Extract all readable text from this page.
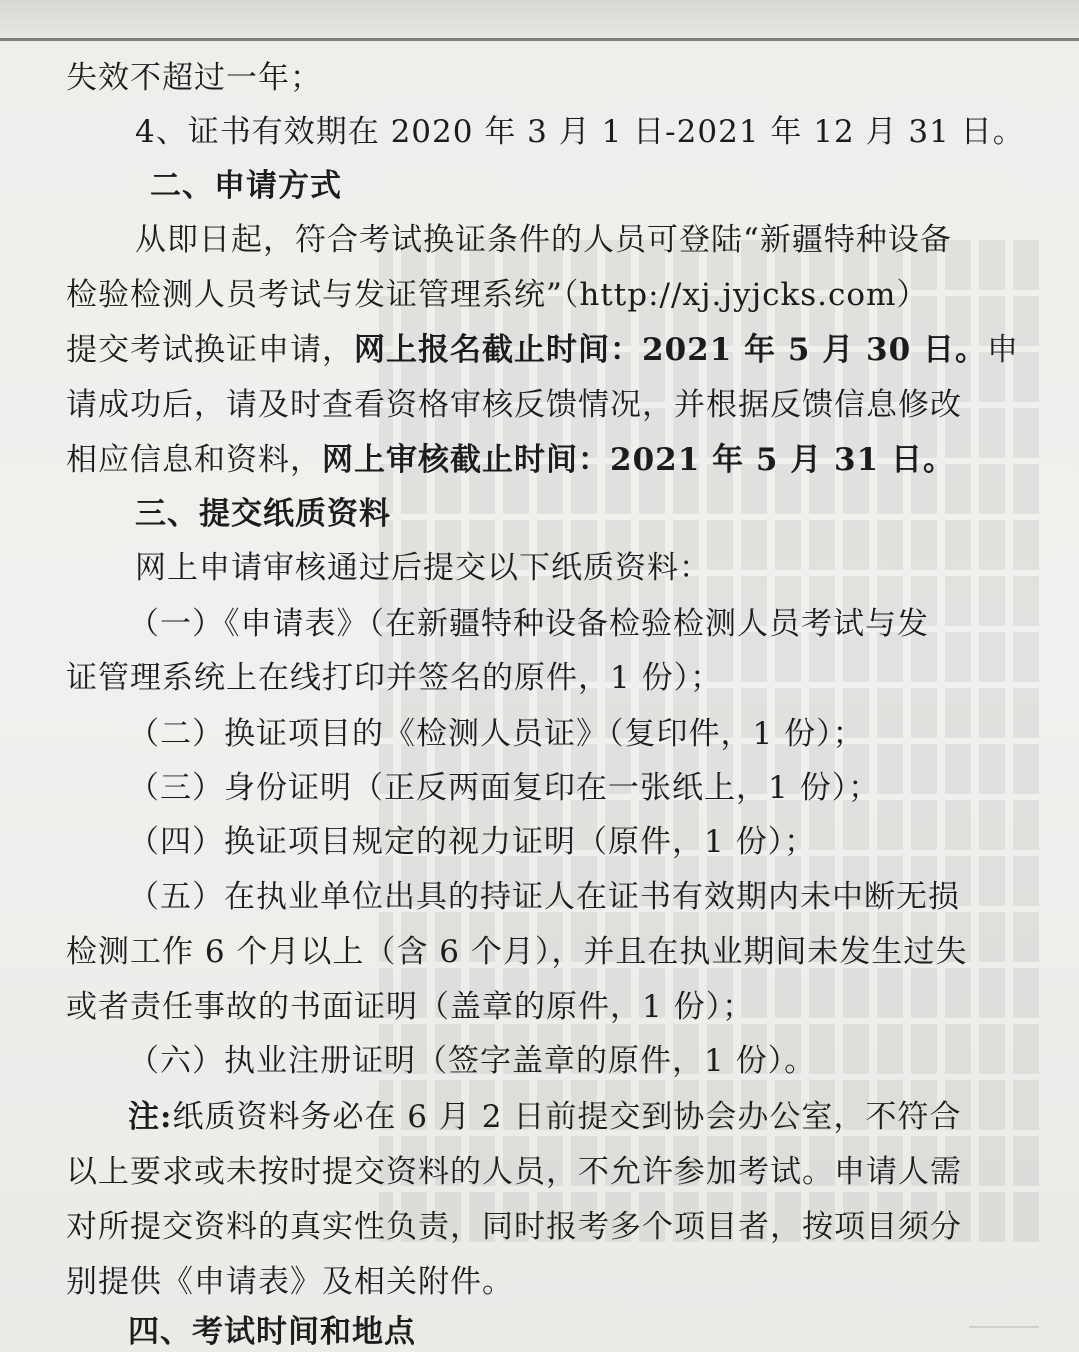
失效不超过一年；
4、证书有效期在 2020 年 3 月 1 日-2021 年 12 月 31 日。
二、申请方式
从即日起，符合考试换证条件的人员可登陆“新疆特种设备
检验检测人员考试与发证管理系统”（http://xj.jyjcks.com）
提交考试换证申请，网上报名截止时间：2021 年 5 月 30 日。申
请成功后，请及时查看资格审核反馈情况，并根据反馈信息修改
相应信息和资料，网上审核截止时间：2021 年 5 月 31 日。
三、提交纸质资料
网上申请审核通过后提交以下纸质资料：
（一）《申请表》（在新疆特种设备检验检测人员考试与发
证管理系统上在线打印并签名的原件，1 份）；
（二）换证项目的《检测人员证》（复印件，1 份）；
（三）身份证明（正反两面复印在一张纸上，1 份）；
（四）换证项目规定的视力证明（原件，1 份）；
（五）在执业单位出具的持证人在证书有效期内未中断无损
检测工作 6 个月以上（含 6 个月），并且在执业期间未发生过失
或者责任事故的书面证明（盖章的原件，1 份）；
（六）执业注册证明（签字盖章的原件，1 份）。
注:纸质资料务必在 6 月 2 日前提交到协会办公室，不符合
以上要求或未按时提交资料的人员，不允许参加考试。申请人需
对所提交资料的真实性负责，同时报考多个项目者，按项目须分
别提供《申请表》及相关附件。
四、考试时间和地点
